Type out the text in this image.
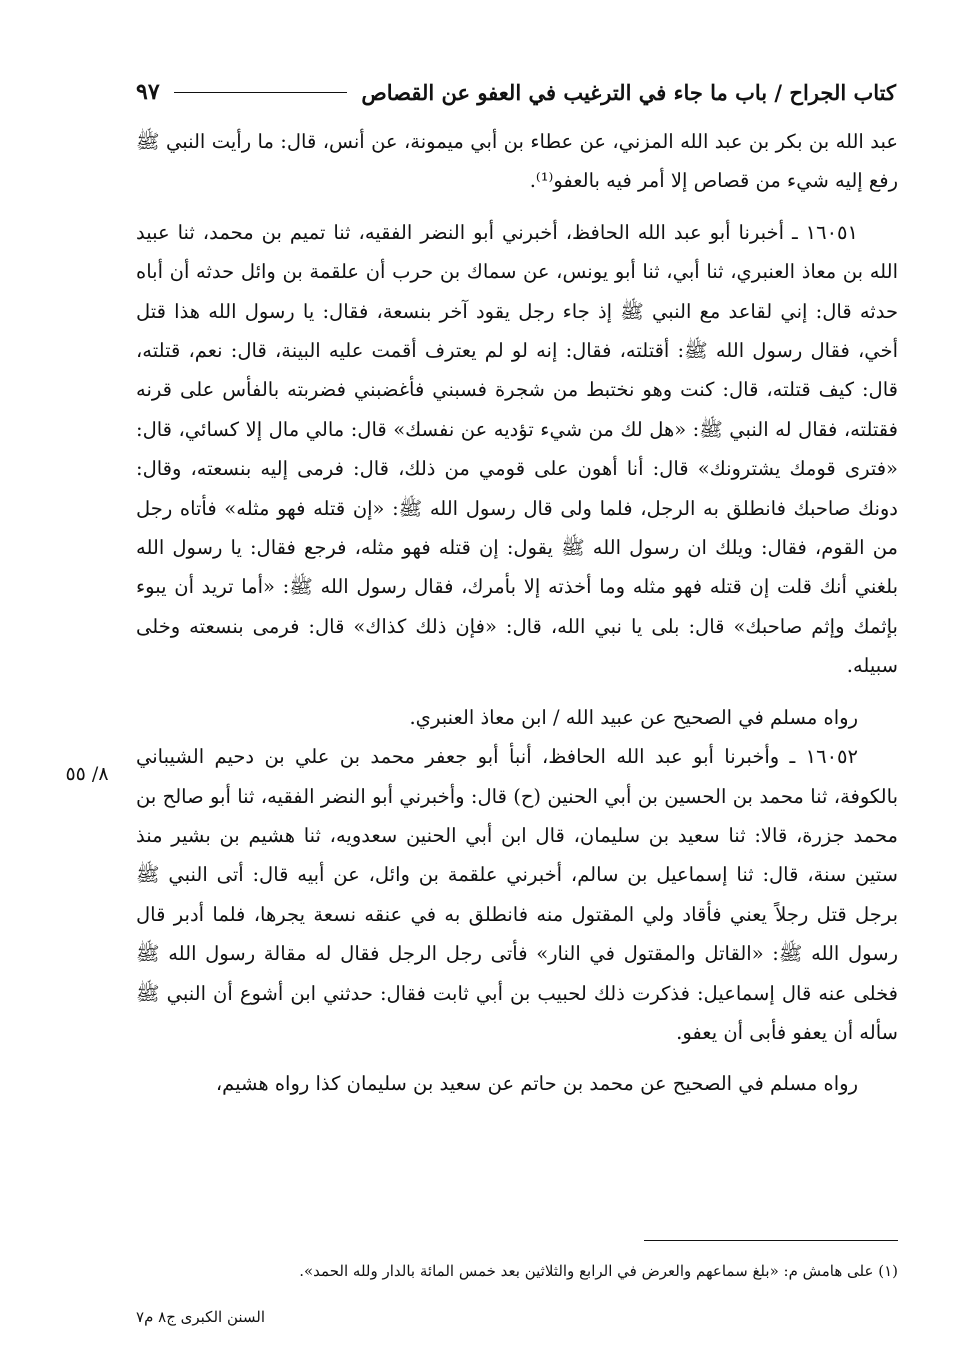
كتاب الجراح / باب ما جاء في الترغيب في العفو عن القصاص
٩٧

عبد الله بن بكر بن عبد الله المزني، عن عطاء بن أبي ميمونة، عن أنس، قال: ما رأيت النبي ﷺ رفع إليه شيء من قصاص إلا أمر فيه بالعفو⁽¹⁾.

١٦٠٥١ ـ أخبرنا أبو عبد الله الحافظ، أخبرني أبو النضر الفقيه، ثنا تميم بن محمد، ثنا عبيد الله بن معاذ العنبري، ثنا أبي، ثنا أبو يونس، عن سماك بن حرب أن علقمة بن وائل حدثه أن أباه حدثه قال: إني لقاعد مع النبي ﷺ إذ جاء رجل يقود آخر بنسعة، فقال: يا رسول الله هذا قتل أخي، فقال رسول الله ﷺ: أقتلته، فقال: إنه لو لم يعترف أقمت عليه البينة، قال: نعم، قتلته، قال: كيف قتلته، قال: كنت وهو نختبط من شجرة فسبني فأغضبني فضربته بالفأس على قرنه فقتلته، فقال له النبي ﷺ: «هل لك من شيء تؤديه عن نفسك» قال: مالي مال إلا كسائي، قال: «فترى قومك يشترونك» قال: أنا أهون على قومي من ذلك، قال: فرمى إليه بنسعته، وقال: دونك صاحبك فانطلق به الرجل، فلما ولى قال رسول الله ﷺ: «إن قتله فهو مثله» فأتاه رجل من القوم، فقال: ويلك ان رسول الله ﷺ يقول: إن قتله فهو مثله، فرجع فقال: يا رسول الله بلغني أنك قلت إن قتله فهو مثله وما أخذته إلا بأمرك، فقال رسول الله ﷺ: «أما تريد أن يبوء بإثمك وإثم صاحبك» قال: بلى يا نبي الله، قال: «فإن ذلك كذاك» قال: فرمى بنسعته وخلى سبيله.

رواه مسلم في الصحيح عن عبيد الله / ابن معاذ العنبري.

١٦٠٥٢ ـ وأخبرنا أبو عبد الله الحافظ، أنبأ أبو جعفر محمد بن علي بن دحيم الشيباني بالكوفة، ثنا محمد بن الحسين بن أبي الحنين (ح) قال: وأخبرني أبو النضر الفقيه، ثنا أبو صالح بن محمد جزرة، قالا: ثنا سعيد بن سليمان، قال ابن أبي الحنين سعدويه، ثنا هشيم بن بشير منذ ستين سنة، قال: ثنا إسماعيل بن سالم، أخبرني علقمة بن وائل، عن أبيه قال: أتى النبي ﷺ برجل قتل رجلاً يعني فأقاد ولي المقتول منه فانطلق به في عنقه نسعة يجرها، فلما أدبر قال رسول الله ﷺ: «القاتل والمقتول في النار» فأتى رجل الرجل فقال له مقالة رسول الله ﷺ فخلى عنه قال إسماعيل: فذكرت ذلك لحبيب بن أبي ثابت فقال: حدثني ابن أشوع أن النبي ﷺ سأله أن يعفو فأبى أن يعفو.

رواه مسلم في الصحيح عن محمد بن حاتم عن سعيد بن سليمان كذا رواه هشيم،

٨/ ٥٥
(١) على هامش م: «بلغ سماعهم والعرض في الرابع والثلاثين بعد خمس المائة بالدار ولله الحمد».
السنن الكبرى ج٨ م٧
